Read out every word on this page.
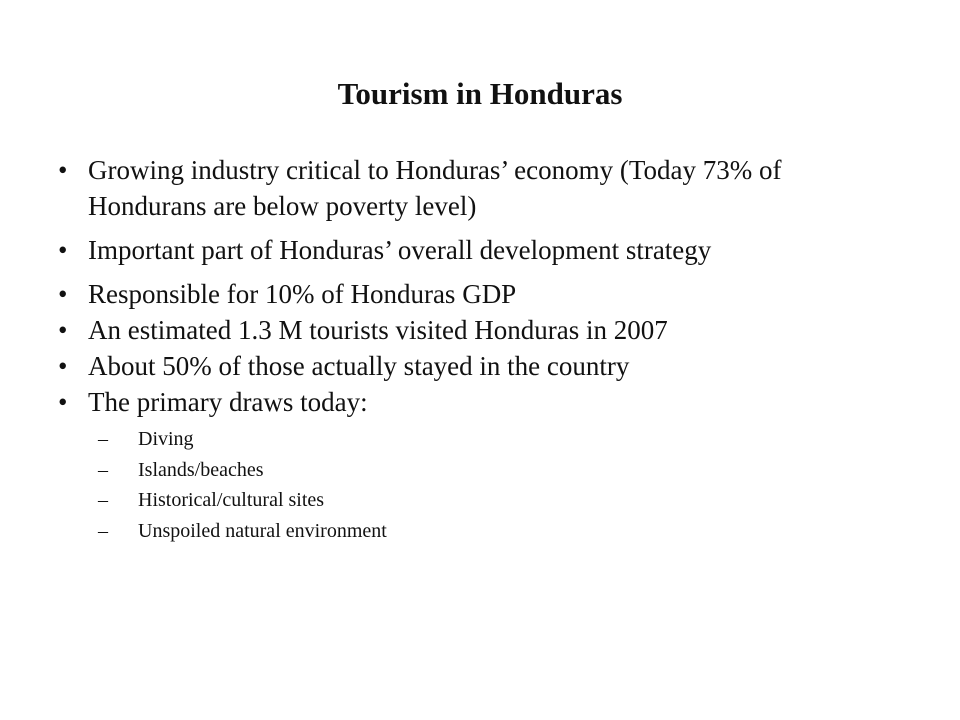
Tourism in Honduras
• Growing industry critical to Honduras’ economy (Today 73% of Hondurans are below poverty level)
• Important part of Honduras’ overall development strategy
• Responsible for 10% of Honduras GDP
• An estimated 1.3 M tourists visited Honduras in 2007
• About 50% of those actually stayed in the country
• The primary draws today:
– Diving
– Islands/beaches
– Historical/cultural sites
– Unspoiled natural environment
